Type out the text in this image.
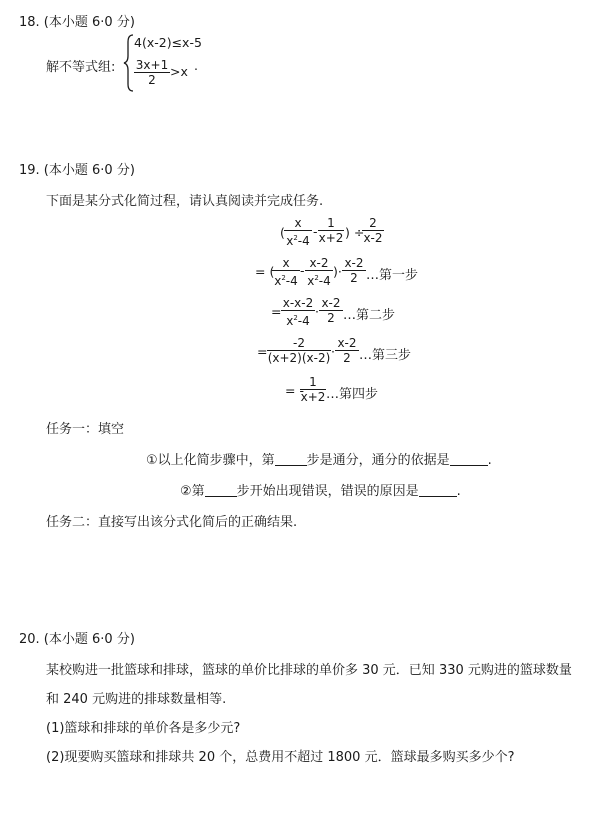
18. (本小题 6·0 分)
解不等式组:
4(x-2)≤x-5
$\frac{3x+1}{2} >x$ .
19. (本小题 6·0 分)
下面是某分式化简过程，请认真阅读并完成任务.
( $\frac{x}{x^2-4} - \frac{1}{x+2}$ ) ÷
$\frac{2}{x-2}$
= (
$\frac{x}{x^2-4} - \frac{x-2}{x^2-4}$ )· $\frac{x-2}{2}$ …第一步
= $\frac{x-x-2}{x^2-4} \cdot \frac{x-2}{2}$ …第二步
= $\frac{-2}{(x+2)(x-2)} \cdot \frac{x-2}{2}$ …第三步
= -
$\frac{1}{x+2}$ …第四步
任务一：填空
①以上化简步骤中，第 步是通分，通分的依据是	.
②第 步开始出现错误，错误的原因是	.
任务二：直接写出该分式化简后的正确结果.
20. (本小题 6·0 分)
某校购进一批篮球和排球，篮球的单价比排球的单价多 30 元．已知 330 元购进的篮球数量
和 240 元购进的排球数量相等.
(1)篮球和排球的单价各是多少元?
(2)现要购买篮球和排球共 20 个，总费用不超过 1800 元．篮球最多购买多少个?
